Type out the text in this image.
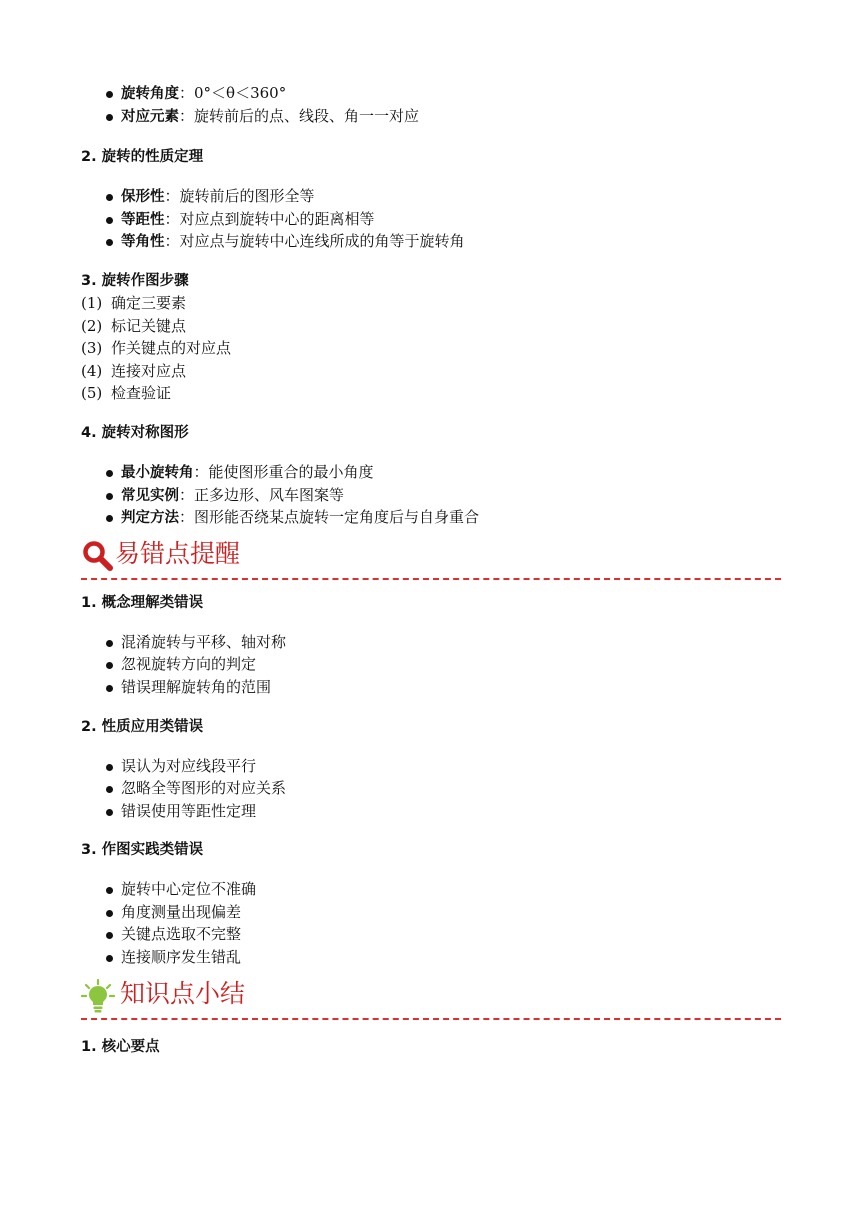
旋转角度：0°＜θ＜360°
对应元素：旋转前后的点、线段、角一一对应
2. 旋转的性质定理
保形性：旋转前后的图形全等
等距性：对应点到旋转中心的距离相等
等角性：对应点与旋转中心连线所成的角等于旋转角
3. 旋转作图步骤
(1) 确定三要素
(2) 标记关键点
(3) 作关键点的对应点
(4) 连接对应点
(5) 检查验证
4. 旋转对称图形
最小旋转角：能使图形重合的最小角度
常见实例：正多边形、风车图案等
判定方法：图形能否绕某点旋转一定角度后与自身重合
易错点提醒
1. 概念理解类错误
混淆旋转与平移、轴对称
忽视旋转方向的判定
错误理解旋转角的范围
2. 性质应用类错误
误认为对应线段平行
忽略全等图形的对应关系
错误使用等距性定理
3. 作图实践类错误
旋转中心定位不准确
角度测量出现偏差
关键点选取不完整
连接顺序发生错乱
知识点小结
1. 核心要点
